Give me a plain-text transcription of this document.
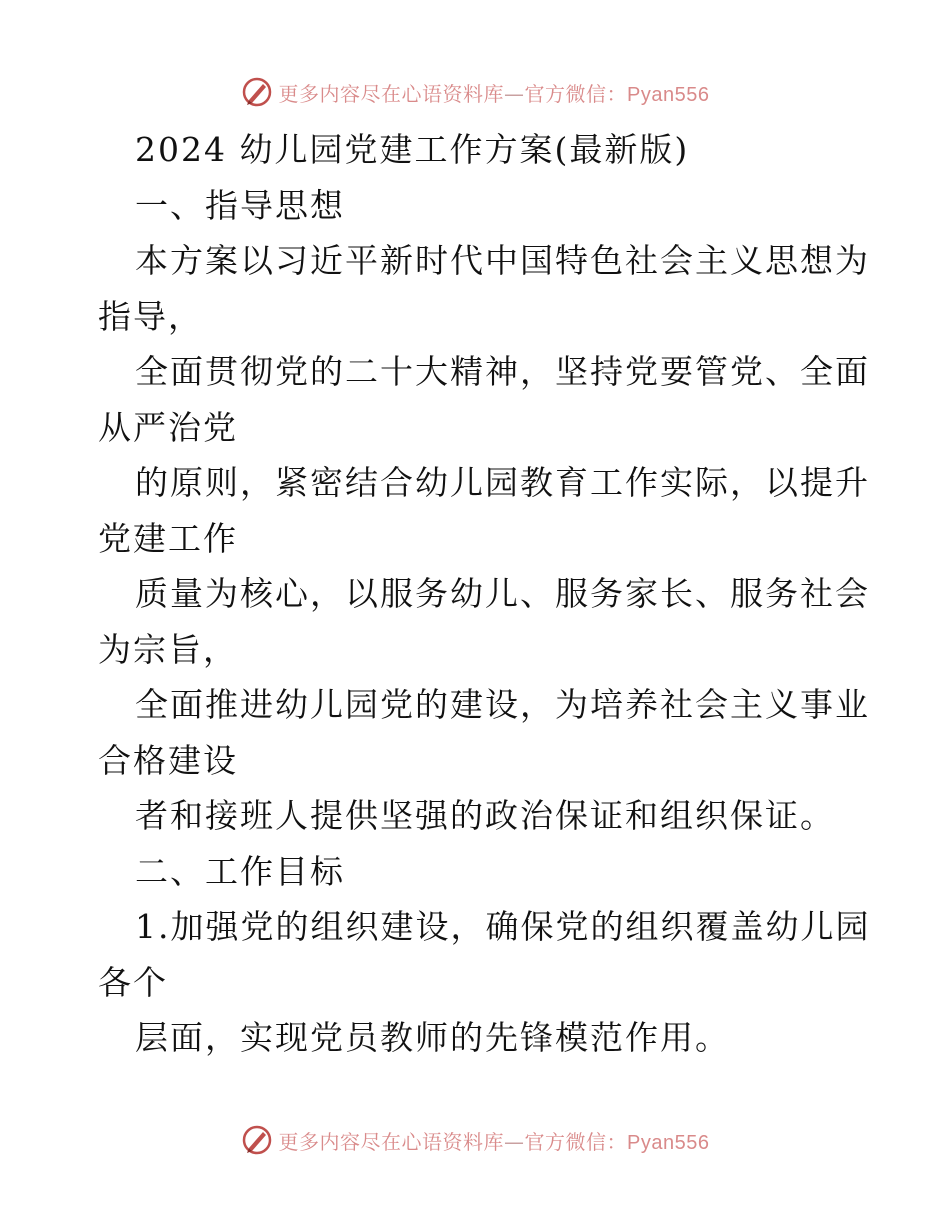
更多内容尽在心语资料库—官方微信：Pyan556
2024 幼儿园党建工作方案(最新版)
一、指导思想
本方案以习近平新时代中国特色社会主义思想为
指导，
全面贯彻党的二十大精神，坚持党要管党、全面
从严治党
的原则，紧密结合幼儿园教育工作实际，以提升
党建工作
质量为核心，以服务幼儿、服务家长、服务社会
为宗旨，
全面推进幼儿园党的建设，为培养社会主义事业
合格建设
者和接班人提供坚强的政治保证和组织保证。
二、工作目标
1.加强党的组织建设，确保党的组织覆盖幼儿园
各个
层面，实现党员教师的先锋模范作用。
更多内容尽在心语资料库—官方微信：Pyan556
